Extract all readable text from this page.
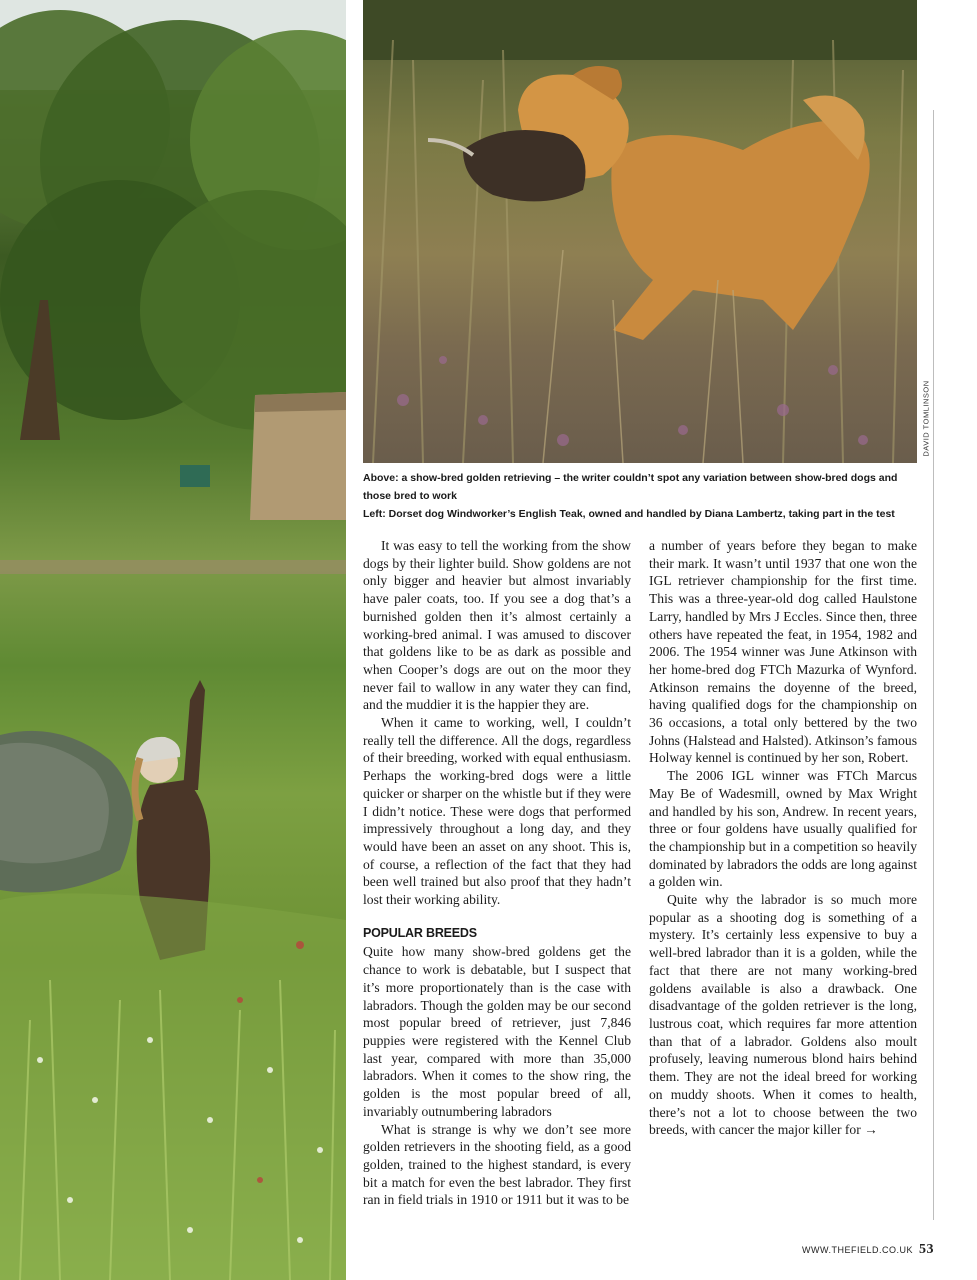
DAVID TOMLINSON

Above: a show-bred golden retrieving – the writer couldn’t spot any variation between show-bred dogs and those bred to work

Left: Dorset dog Windworker’s English Teak, owned and handled by Diana Lambertz, taking part in the test

It was easy to tell the working from the show dogs by their lighter build. Show goldens are not only bigger and heavier but almost invariably have paler coats, too. If you see a dog that’s a burnished golden then it’s almost certainly a working-bred animal. I was amused to discover that goldens like to be as dark as possible and when Cooper’s dogs are out on the moor they never fail to wallow in any water they can find, and the muddier it is the happier they are.

When it came to working, well, I couldn’t really tell the difference. All the dogs, regardless of their breeding, worked with equal enthusiasm. Perhaps the working-bred dogs were a little quicker or sharper on the whistle but if they were I didn’t notice. These were dogs that performed impressively throughout a long day, and they would have been an asset on any shoot. This is, of course, a reflection of the fact that they had been well trained but also proof that they hadn’t lost their working ability.

POPULAR BREEDS

Quite how many show-bred goldens get the chance to work is debatable, but I suspect that it’s more proportionately than is the case with labradors. Though the golden may be our second most popular breed of retriever, just 7,846 puppies were registered with the Kennel Club last year, compared with more than 35,000 labradors. When it comes to the show ring, the golden is the most popular breed of all, invariably outnumbering labradors

What is strange is why we don’t see more golden retrievers in the shooting field, as a good golden, trained to the highest standard, is every bit a match for even the best labrador. They first ran in field trials in 1910 or 1911 but it was to be

a number of years before they began to make their mark. It wasn’t until 1937 that one won the IGL retriever championship for the first time. This was a three-year-old dog called Haulstone Larry, handled by Mrs J Eccles. Since then, three others have repeated the feat, in 1954, 1982 and 2006. The 1954 winner was June Atkinson with her home-bred dog FTCh Mazurka of Wynford. Atkinson remains the doyenne of the breed, having qualified dogs for the championship on 36 occasions, a total only bettered by the two Johns (Halstead and Halsted). Atkinson’s famous Holway kennel is continued by her son, Robert.

The 2006 IGL winner was FTCh Marcus May Be of Wadesmill, owned by Max Wright and handled by his son, Andrew. In recent years, three or four goldens have usually qualified for the championship but in a competition so heavily dominated by labradors the odds are long against a golden win.

Quite why the labrador is so much more popular as a shooting dog is something of a mystery. It’s certainly less expensive to buy a well-bred labrador than it is a golden, while the fact that there are not many working-bred goldens available is also a drawback. One disadvantage of the golden retriever is the long, lustrous coat, which requires far more attention than that of a labrador. Goldens also moult profusely, leaving numerous blond hairs behind them. They are not the ideal breed for working on muddy shoots. When it comes to health, there’s not a lot to choose between the two breeds, with cancer the major killer for →

WWW.THEFIELD.CO.UK 53
